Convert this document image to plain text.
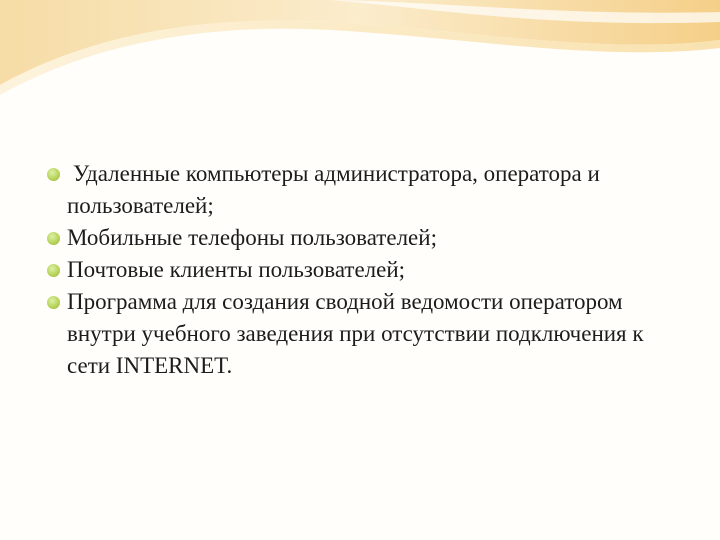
Удаленные компьютеры администратора, оператора и пользователей;
Мобильные телефоны пользователей;
Почтовые клиенты пользователей;
Программа для создания сводной ведомости оператором внутри учебного заведения при отсутствии подключения к сети INTERNET.
